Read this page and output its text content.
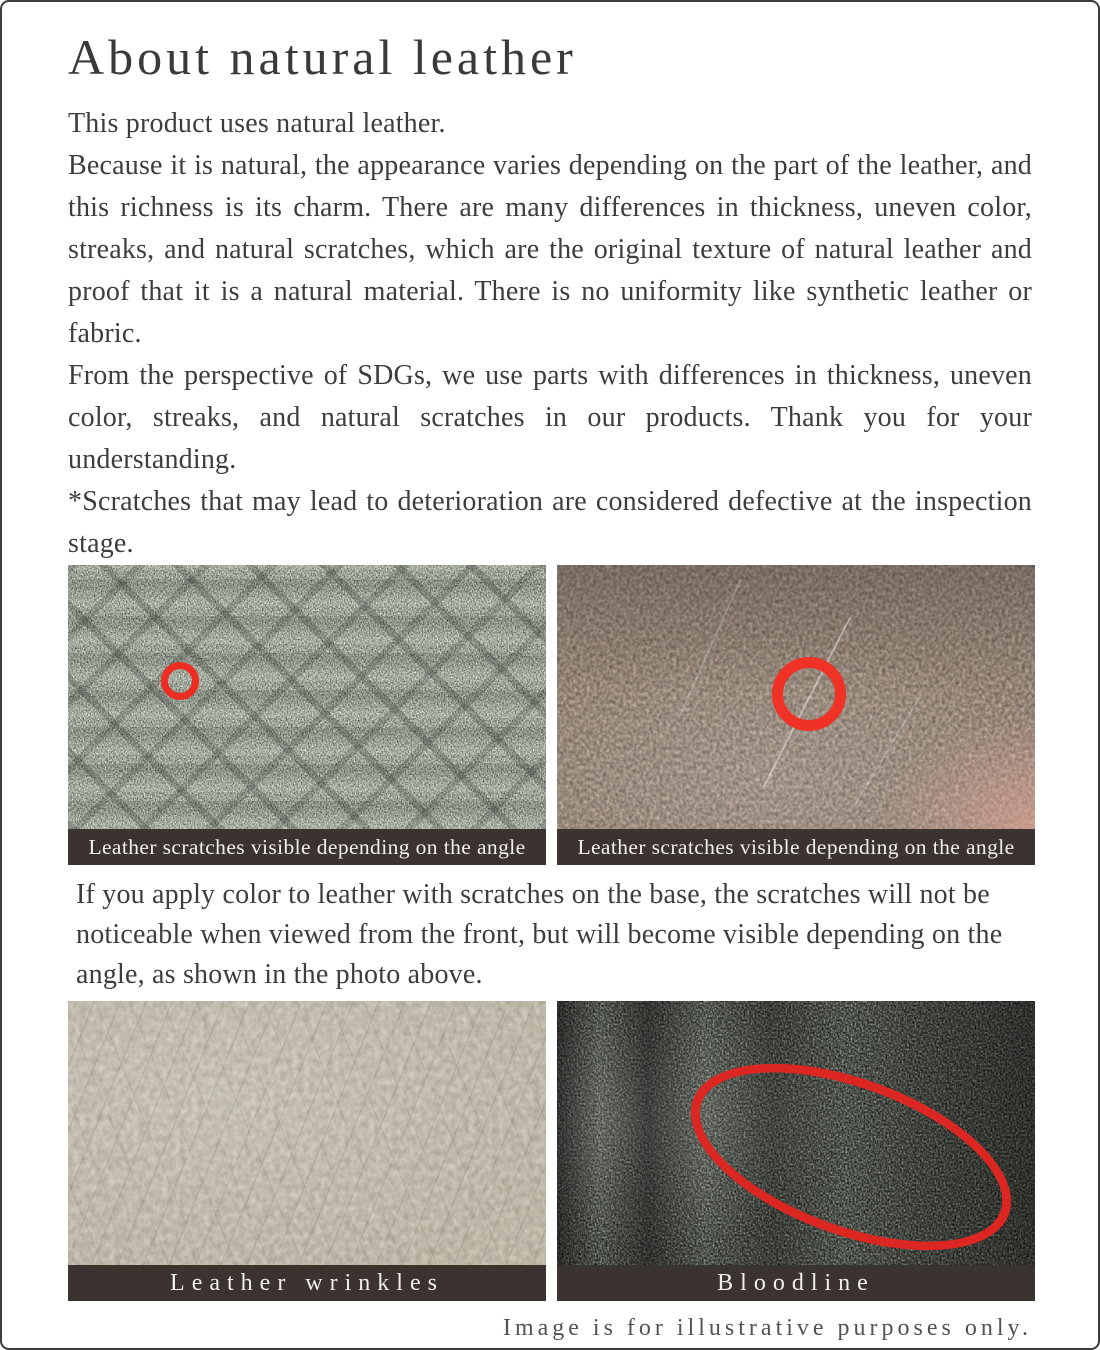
About natural leather

This product uses natural leather.

Because it is natural, the appearance varies depending on the part of the leather, and this richness is its charm. There are many differences in thickness, uneven color, streaks, and natural scratches, which are the original texture of natural leather and proof that it is a natural material. There is no uniformity like synthetic leather or fabric.

From the perspective of SDGs, we use parts with differences in thickness, uneven color, streaks, and natural scratches in our products. Thank you for your understanding.

*Scratches that may lead to deterioration are considered defective at the inspection stage.

Leather scratches visible depending on the angle	Leather scratches visible depending on the angle

If you apply color to leather with scratches on the base, the scratches will not be noticeable when viewed from the front, but will become visible depending on the angle, as shown in the photo above.

Leather wrinkles	Bloodline

Image is for illustrative purposes only.
